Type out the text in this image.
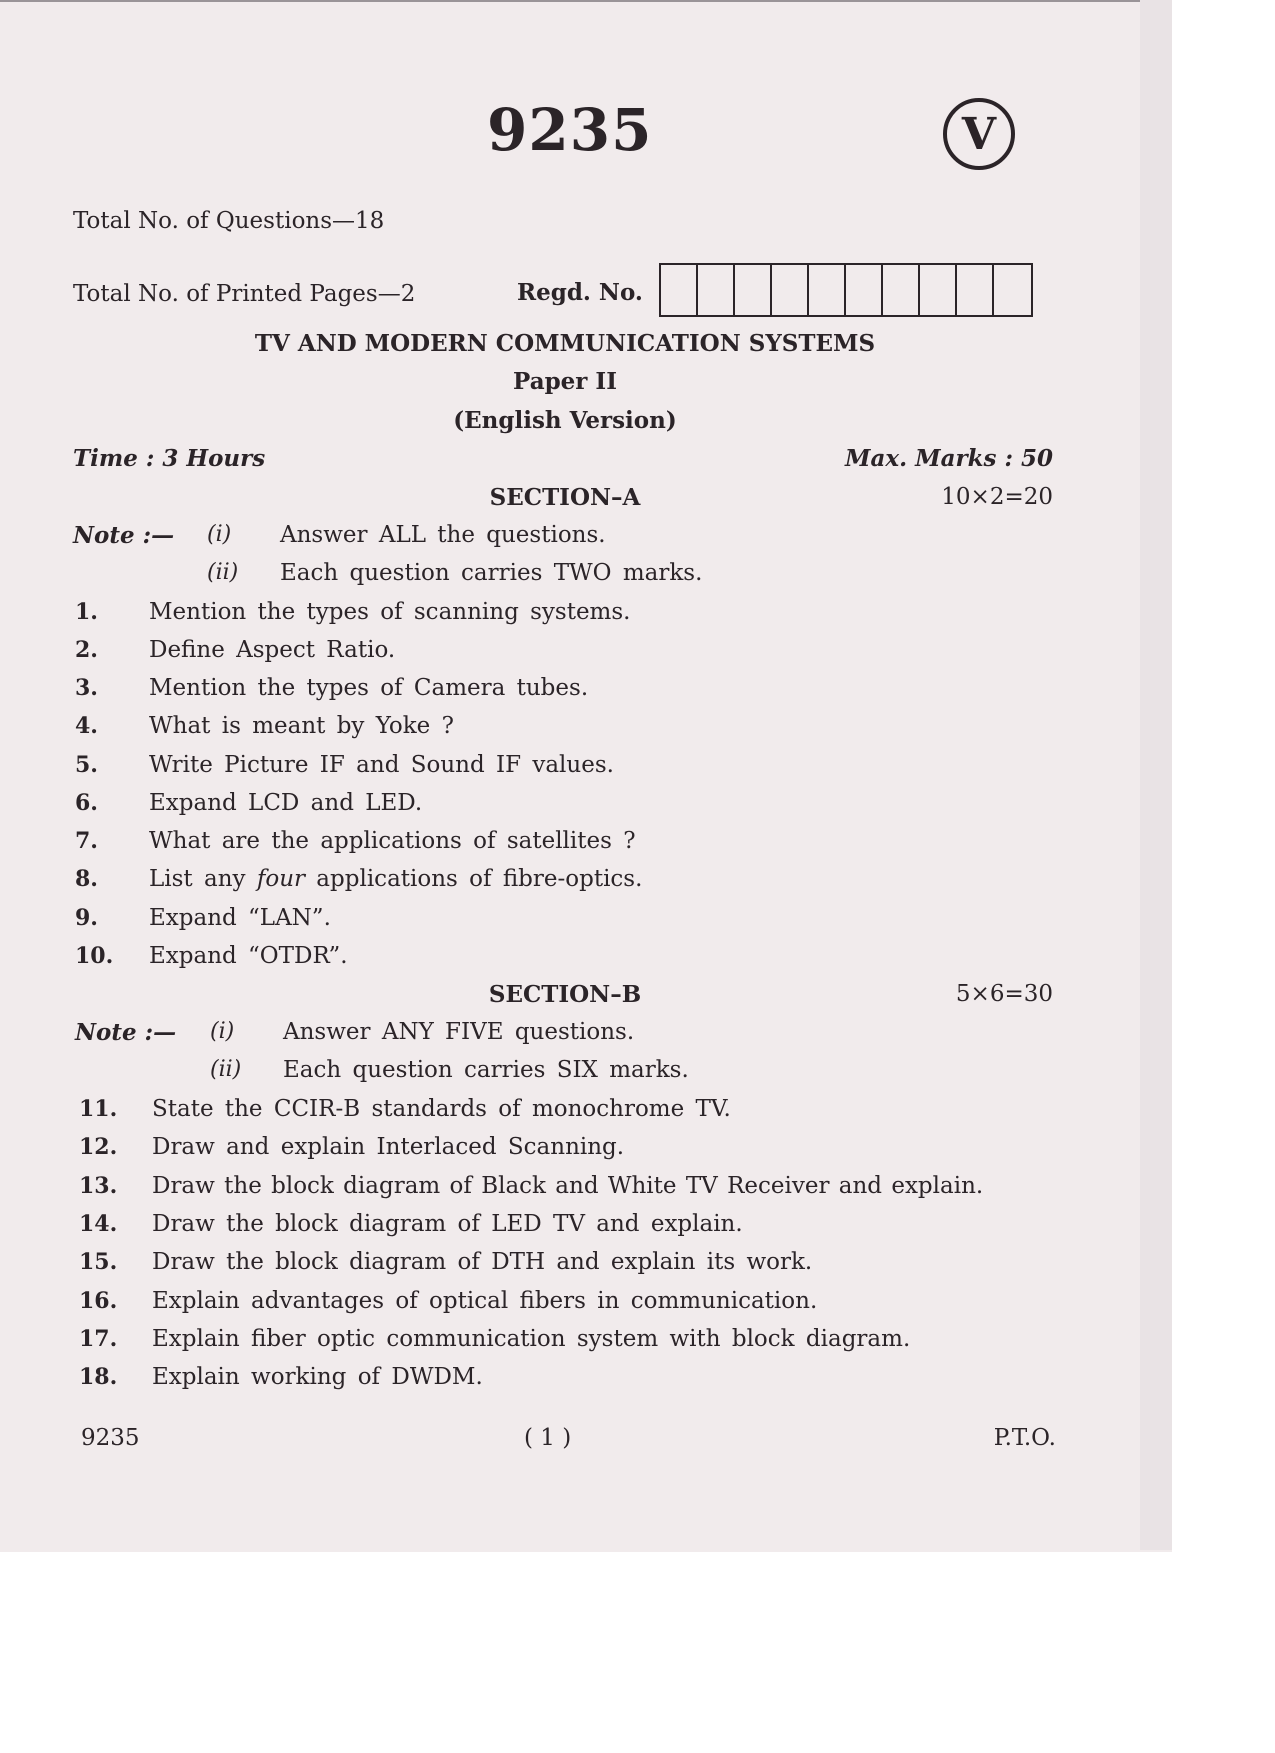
9235	V
Total No. of Questions—18
Total No. of Printed Pages—2	Regd. No.
TV AND MODERN COMMUNICATION SYSTEMS
Paper II
(English Version)
Time : 3 Hours	Max. Marks : 50
SECTION–A	10×2=20
Note :— (i) Answer ALL the questions.
(ii) Each question carries TWO marks.
1. Mention the types of scanning systems.
2. Define Aspect Ratio.
3. Mention the types of Camera tubes.
4. What is meant by Yoke ?
5. Write Picture IF and Sound IF values.
6. Expand LCD and LED.
7. What are the applications of satellites ?
8. List any four applications of fibre-optics.
9. Expand “LAN”.
10. Expand “OTDR”.
SECTION–B	5×6=30
Note :— (i) Answer ANY FIVE questions.
(ii) Each question carries SIX marks.
11. State the CCIR-B standards of monochrome TV.
12. Draw and explain Interlaced Scanning.
13. Draw the block diagram of Black and White TV Receiver and explain.
14. Draw the block diagram of LED TV and explain.
15. Draw the block diagram of DTH and explain its work.
16. Explain advantages of optical fibers in communication.
17. Explain fiber optic communication system with block diagram.
18. Explain working of DWDM.
9235	( 1 )	P.T.O.
